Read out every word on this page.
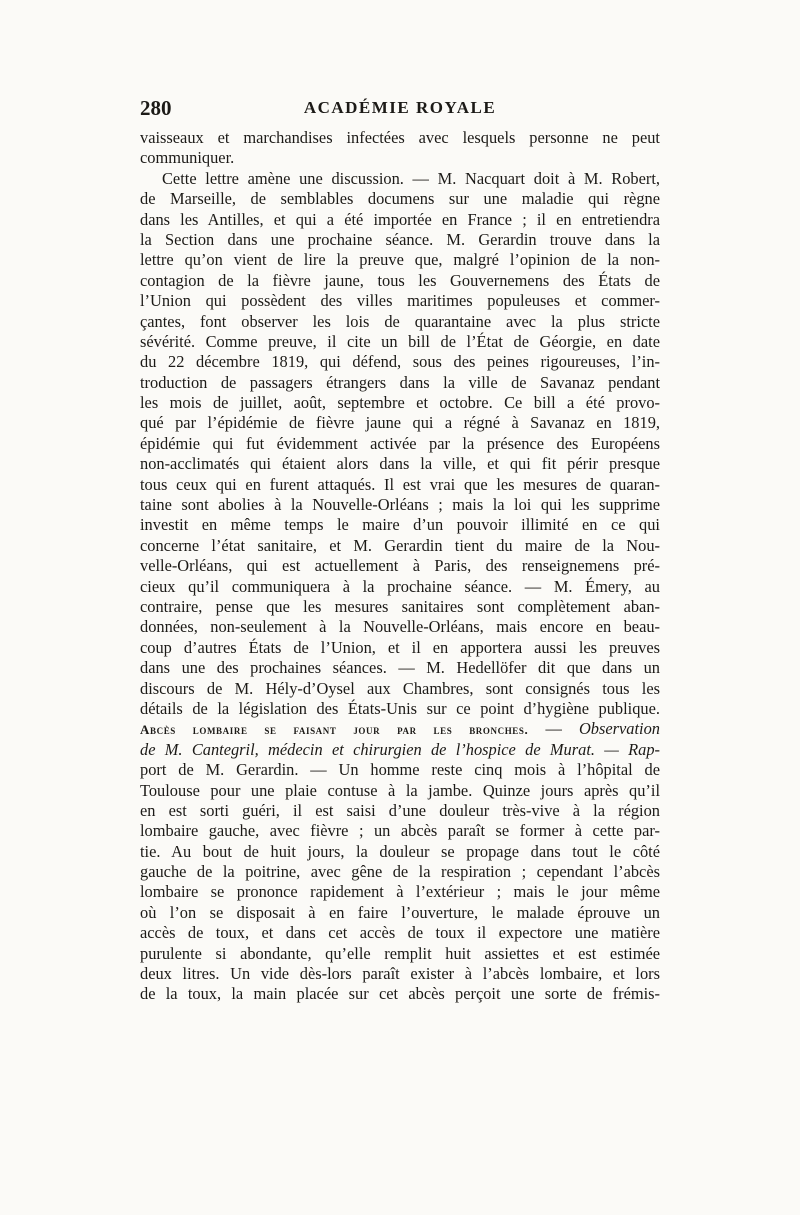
280	ACADÉMIE ROYALE
vaisseaux et marchandises infectées avec lesquels personne ne peut
communiquer.
Cette lettre amène une discussion. — M. Nacquart doit à M. Robert,
de Marseille, de semblables documens sur une maladie qui règne
dans les Antilles, et qui a été importée en France ; il en entretiendra
la Section dans une prochaine séance. M. Gerardin trouve dans la
lettre qu’on vient de lire la preuve que, malgré l’opinion de la non-
contagion de la fièvre jaune, tous les Gouvernemens des États de
l’Union qui possèdent des villes maritimes populeuses et commer-
çantes, font observer les lois de quarantaine avec la plus stricte
sévérité. Comme preuve, il cite un bill de l’État de Géorgie, en date
du 22 décembre 1819, qui défend, sous des peines rigoureuses, l’in-
troduction de passagers étrangers dans la ville de Savanaz pendant
les mois de juillet, août, septembre et octobre. Ce bill a été provo-
qué par l’épidémie de fièvre jaune qui a régné à Savanaz en 1819,
épidémie qui fut évidemment activée par la présence des Européens
non-acclimatés qui étaient alors dans la ville, et qui fit périr presque
tous ceux qui en furent attaqués. Il est vrai que les mesures de quaran-
taine sont abolies à la Nouvelle-Orléans ; mais la loi qui les supprime
investit en même temps le maire d’un pouvoir illimité en ce qui
concerne l’état sanitaire, et M. Gerardin tient du maire de la Nou-
velle-Orléans, qui est actuellement à Paris, des renseignemens pré-
cieux qu’il communiquera à la prochaine séance. — M. Émery, au
contraire, pense que les mesures sanitaires sont complètement aban-
données, non-seulement à la Nouvelle-Orléans, mais encore en beau-
coup d’autres États de l’Union, et il en apportera aussi les preuves
dans une des prochaines séances. — M. Hedellöfer dit que dans un
discours de M. Hély-d’Oysel aux Chambres, sont consignés tous les
détails de la législation des États-Unis sur ce point d’hygiène publique.
Abcès lombaire se faisant jour par les bronches. — Observation
de M. Cantegril, médecin et chirurgien de l’hospice de Murat. — Rap-
port de M. Gerardin. — Un homme reste cinq mois à l’hôpital de
Toulouse pour une plaie contuse à la jambe. Quinze jours après qu’il
en est sorti guéri, il est saisi d’une douleur très-vive à la région
lombaire gauche, avec fièvre ; un abcès paraît se former à cette par-
tie. Au bout de huit jours, la douleur se propage dans tout le côté
gauche de la poitrine, avec gêne de la respiration ; cependant l’abcès
lombaire se prononce rapidement à l’extérieur ; mais le jour même
où l’on se disposait à en faire l’ouverture, le malade éprouve un
accès de toux, et dans cet accès de toux il expectore une matière
purulente si abondante, qu’elle remplit huit assiettes et est estimée
deux litres. Un vide dès-lors paraît exister à l’abcès lombaire, et lors
de la toux, la main placée sur cet abcès perçoit une sorte de frémis-
